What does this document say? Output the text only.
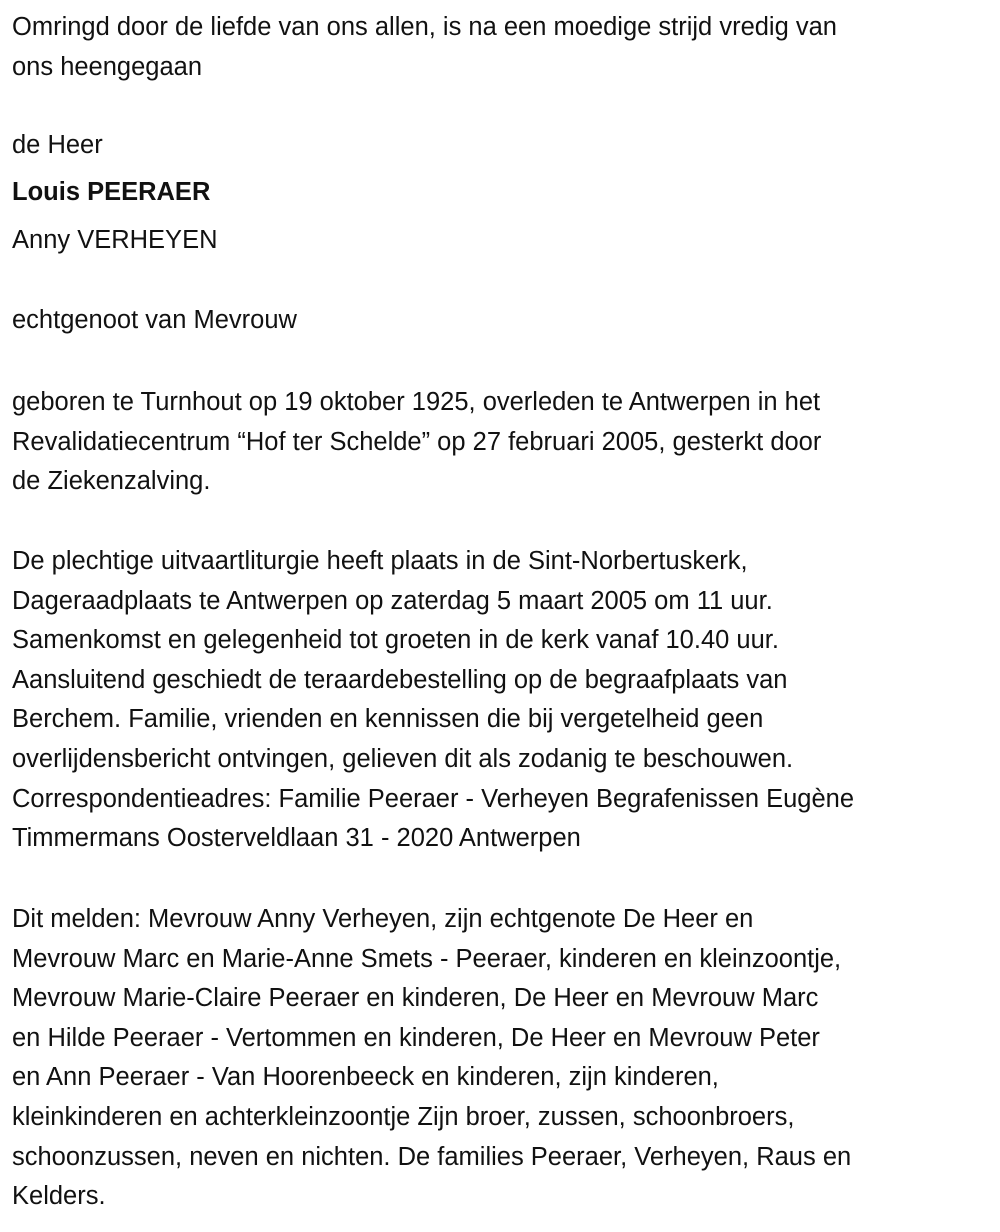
Omringd door de liefde van ons allen, is na een moedige strijd vredig van
ons heengegaan
de Heer
Louis PEERAER
Anny VERHEYEN
echtgenoot van Mevrouw
geboren te Turnhout op 19 oktober 1925, overleden te Antwerpen in het
Revalidatiecentrum “Hof ter Schelde” op 27 februari 2005, gesterkt door
de Ziekenzalving.
De plechtige uitvaartliturgie heeft plaats in de Sint-Norbertuskerk,
Dageraadplaats te Antwerpen op zaterdag 5 maart 2005 om 11 uur.
Samenkomst en gelegenheid tot groeten in de kerk vanaf 10.40 uur.
Aansluitend geschiedt de teraardebestelling op de begraafplaats van
Berchem. Familie, vrienden en kennissen die bij vergetelheid geen
overlijdensbericht ontvingen, gelieven dit als zodanig te beschouwen.
Correspondentieadres: Familie Peeraer - Verheyen Begrafenissen Eugène
Timmermans Oosterveldlaan 31 - 2020 Antwerpen
Dit melden: Mevrouw Anny Verheyen, zijn echtgenote De Heer en
Mevrouw Marc en Marie-Anne Smets - Peeraer, kinderen en kleinzoontje,
Mevrouw Marie-Claire Peeraer en kinderen, De Heer en Mevrouw Marc
en Hilde Peeraer - Vertommen en kinderen, De Heer en Mevrouw Peter
en Ann Peeraer - Van Hoorenbeeck en kinderen, zijn kinderen,
kleinkinderen en achterkleinzoontje Zijn broer, zussen, schoonbroers,
schoonzussen, neven en nichten. De families Peeraer, Verheyen, Raus en
Kelders.
